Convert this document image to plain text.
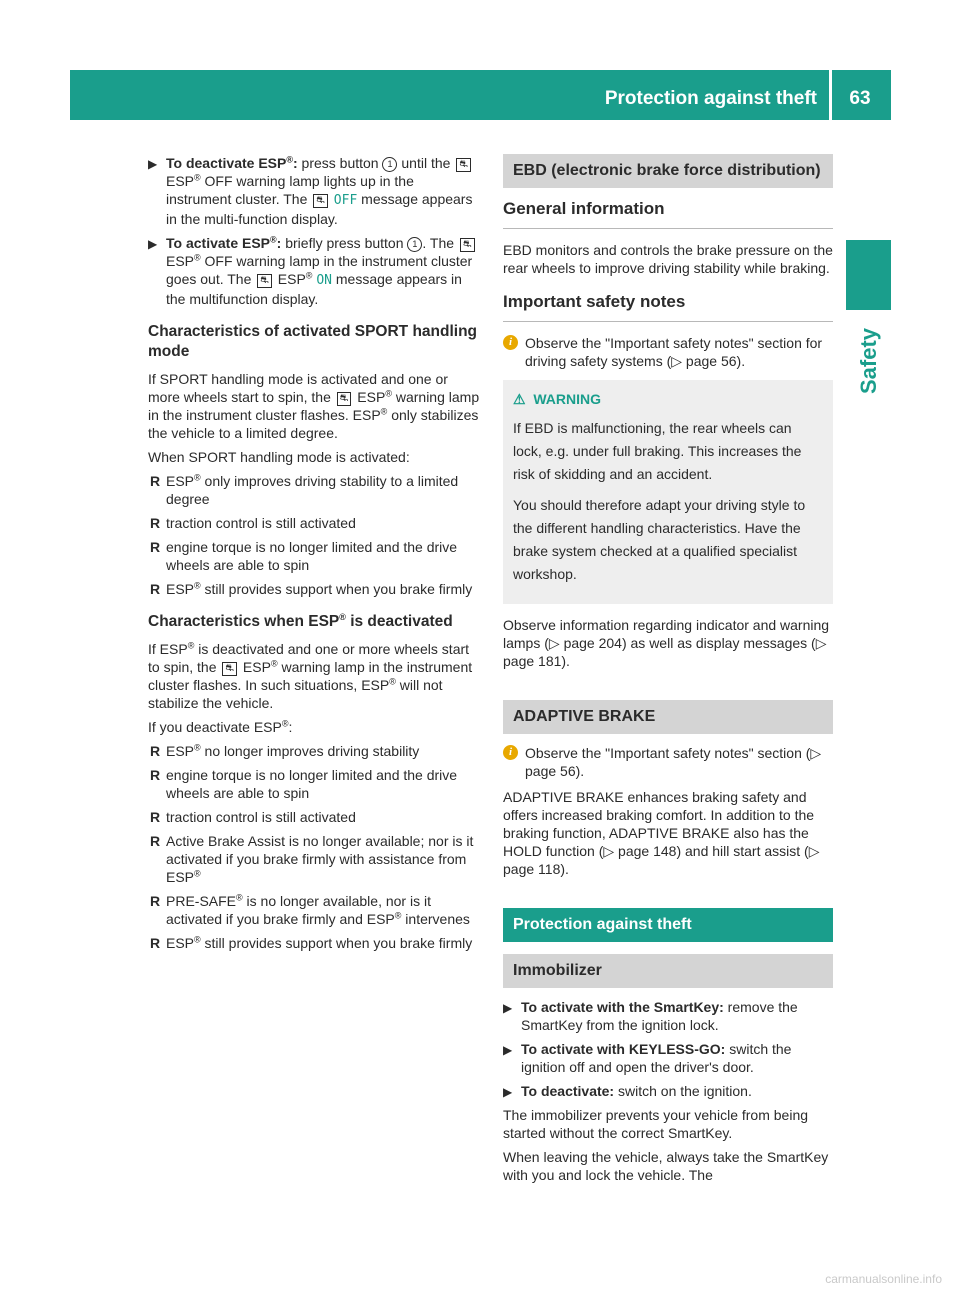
Protection against theft	63
Safety
▶ To deactivate ESP®: press button 1 until the ⛐ ESP® OFF warning lamp lights up in the instrument cluster. The ⛐ OFF message appears in the multi-function display.
▶ To activate ESP®: briefly press button 1 . The ⛐ ESP® OFF warning lamp in the instrument cluster goes out. The ⛐ ESP® ON message appears in the multifunction display.
Characteristics of activated SPORT handling mode

If SPORT handling mode is activated and one or more wheels start to spin, the ⛐ ESP® warning lamp in the instrument cluster flashes. ESP® only stabilizes the vehicle to a limited degree.

When SPORT handling mode is activated:

R ESP® only improves driving stability to a limited degree
R traction control is still activated
R engine torque is no longer limited and the drive wheels are able to spin
R ESP® still provides support when you brake firmly
Characteristics when ESP® is deactivated

If ESP® is deactivated and one or more wheels start to spin, the ⛐ ESP® warning lamp in the instrument cluster flashes. In such situations, ESP® will not stabilize the vehicle.

If you deactivate ESP®:

R ESP® no longer improves driving stability
R engine torque is no longer limited and the drive wheels are able to spin
R traction control is still activated
R Active Brake Assist is no longer available; nor is it activated if you brake firmly with assistance from ESP®
R PRE-SAFE® is no longer available, nor is it activated if you brake firmly and ESP® intervenes
R ESP® still provides support when you brake firmly
EBD (electronic brake force distribution)
General information

EBD monitors and controls the brake pressure on the rear wheels to improve driving stability while braking.

Important safety notes
i Observe the "Important safety notes" section for driving safety systems (▷ page 56).
⚠ WARNING

If EBD is malfunctioning, the rear wheels can lock, e.g. under full braking. This increases the risk of skidding and an accident.

You should therefore adapt your driving style to the different handling characteristics. Have the brake system checked at a qualified specialist workshop.

Observe information regarding indicator and warning lamps (▷ page 204) as well as display messages (▷ page 181).

ADAPTIVE BRAKE
i Observe the "Important safety notes" section (▷ page 56).

ADAPTIVE BRAKE enhances braking safety and offers increased braking comfort. In addition to the braking function, ADAPTIVE BRAKE also has the HOLD function (▷ page 148) and hill start assist (▷ page 118).

Protection against theft
Immobilizer
▶ To activate with the SmartKey: remove the SmartKey from the ignition lock.
▶ To activate with KEYLESS-GO: switch the ignition off and open the driver's door.
▶ To deactivate: switch on the ignition.

The immobilizer prevents your vehicle from being started without the correct SmartKey.

When leaving the vehicle, always take the SmartKey with you and lock the vehicle. The

carmanualsonline.info
